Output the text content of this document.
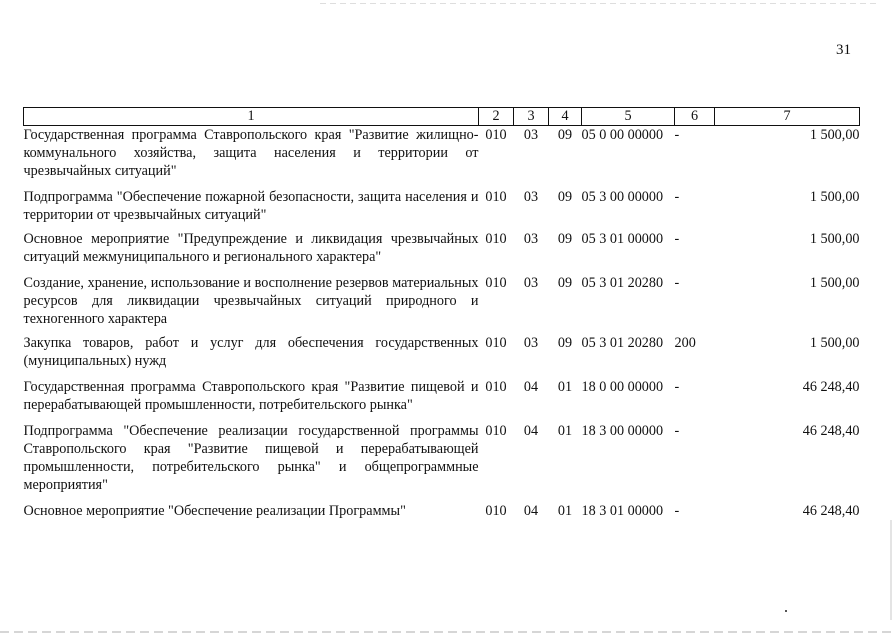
31
1	2	3	4	5	6	7
Государственная программа Ставропольского края "Развитие жилищно-коммунального хозяйства, защита населения и территории от чрезвычайных ситуаций"	010	03	09	05 0 00 00000	-	1 500,00
Подпрограмма "Обеспечение пожарной безопасности, защита населения и территории от чрезвычайных ситуаций"	010	03	09	05 3 00 00000	-	1 500,00
Основное мероприятие "Предупреждение и ликвидация чрезвычайных ситуаций межмуниципального и регионального характера"	010	03	09	05 3 01 00000	-	1 500,00
Создание, хранение, использование и восполнение резервов материальных ресурсов для ликвидации чрезвычайных ситуаций природного и техногенного характера	010	03	09	05 3 01 20280	-	1 500,00
Закупка товаров, работ и услуг для обеспечения государственных (муниципальных) нужд	010	03	09	05 3 01 20280	200	1 500,00
Государственная программа Ставропольского края "Развитие пищевой и перерабатывающей промышленности, потребительского рынка"	010	04	01	18 0 00 00000	-	46 248,40
Подпрограмма "Обеспечение реализации государственной программы Ставропольского края "Развитие пищевой и перерабатывающей промышленности, потребительского рынка" и общепрограммные мероприятия"	010	04	01	18 3 00 00000	-	46 248,40
Основное мероприятие "Обеспечение реализации Программы"	010	04	01	18 3 01 00000	-	46 248,40
